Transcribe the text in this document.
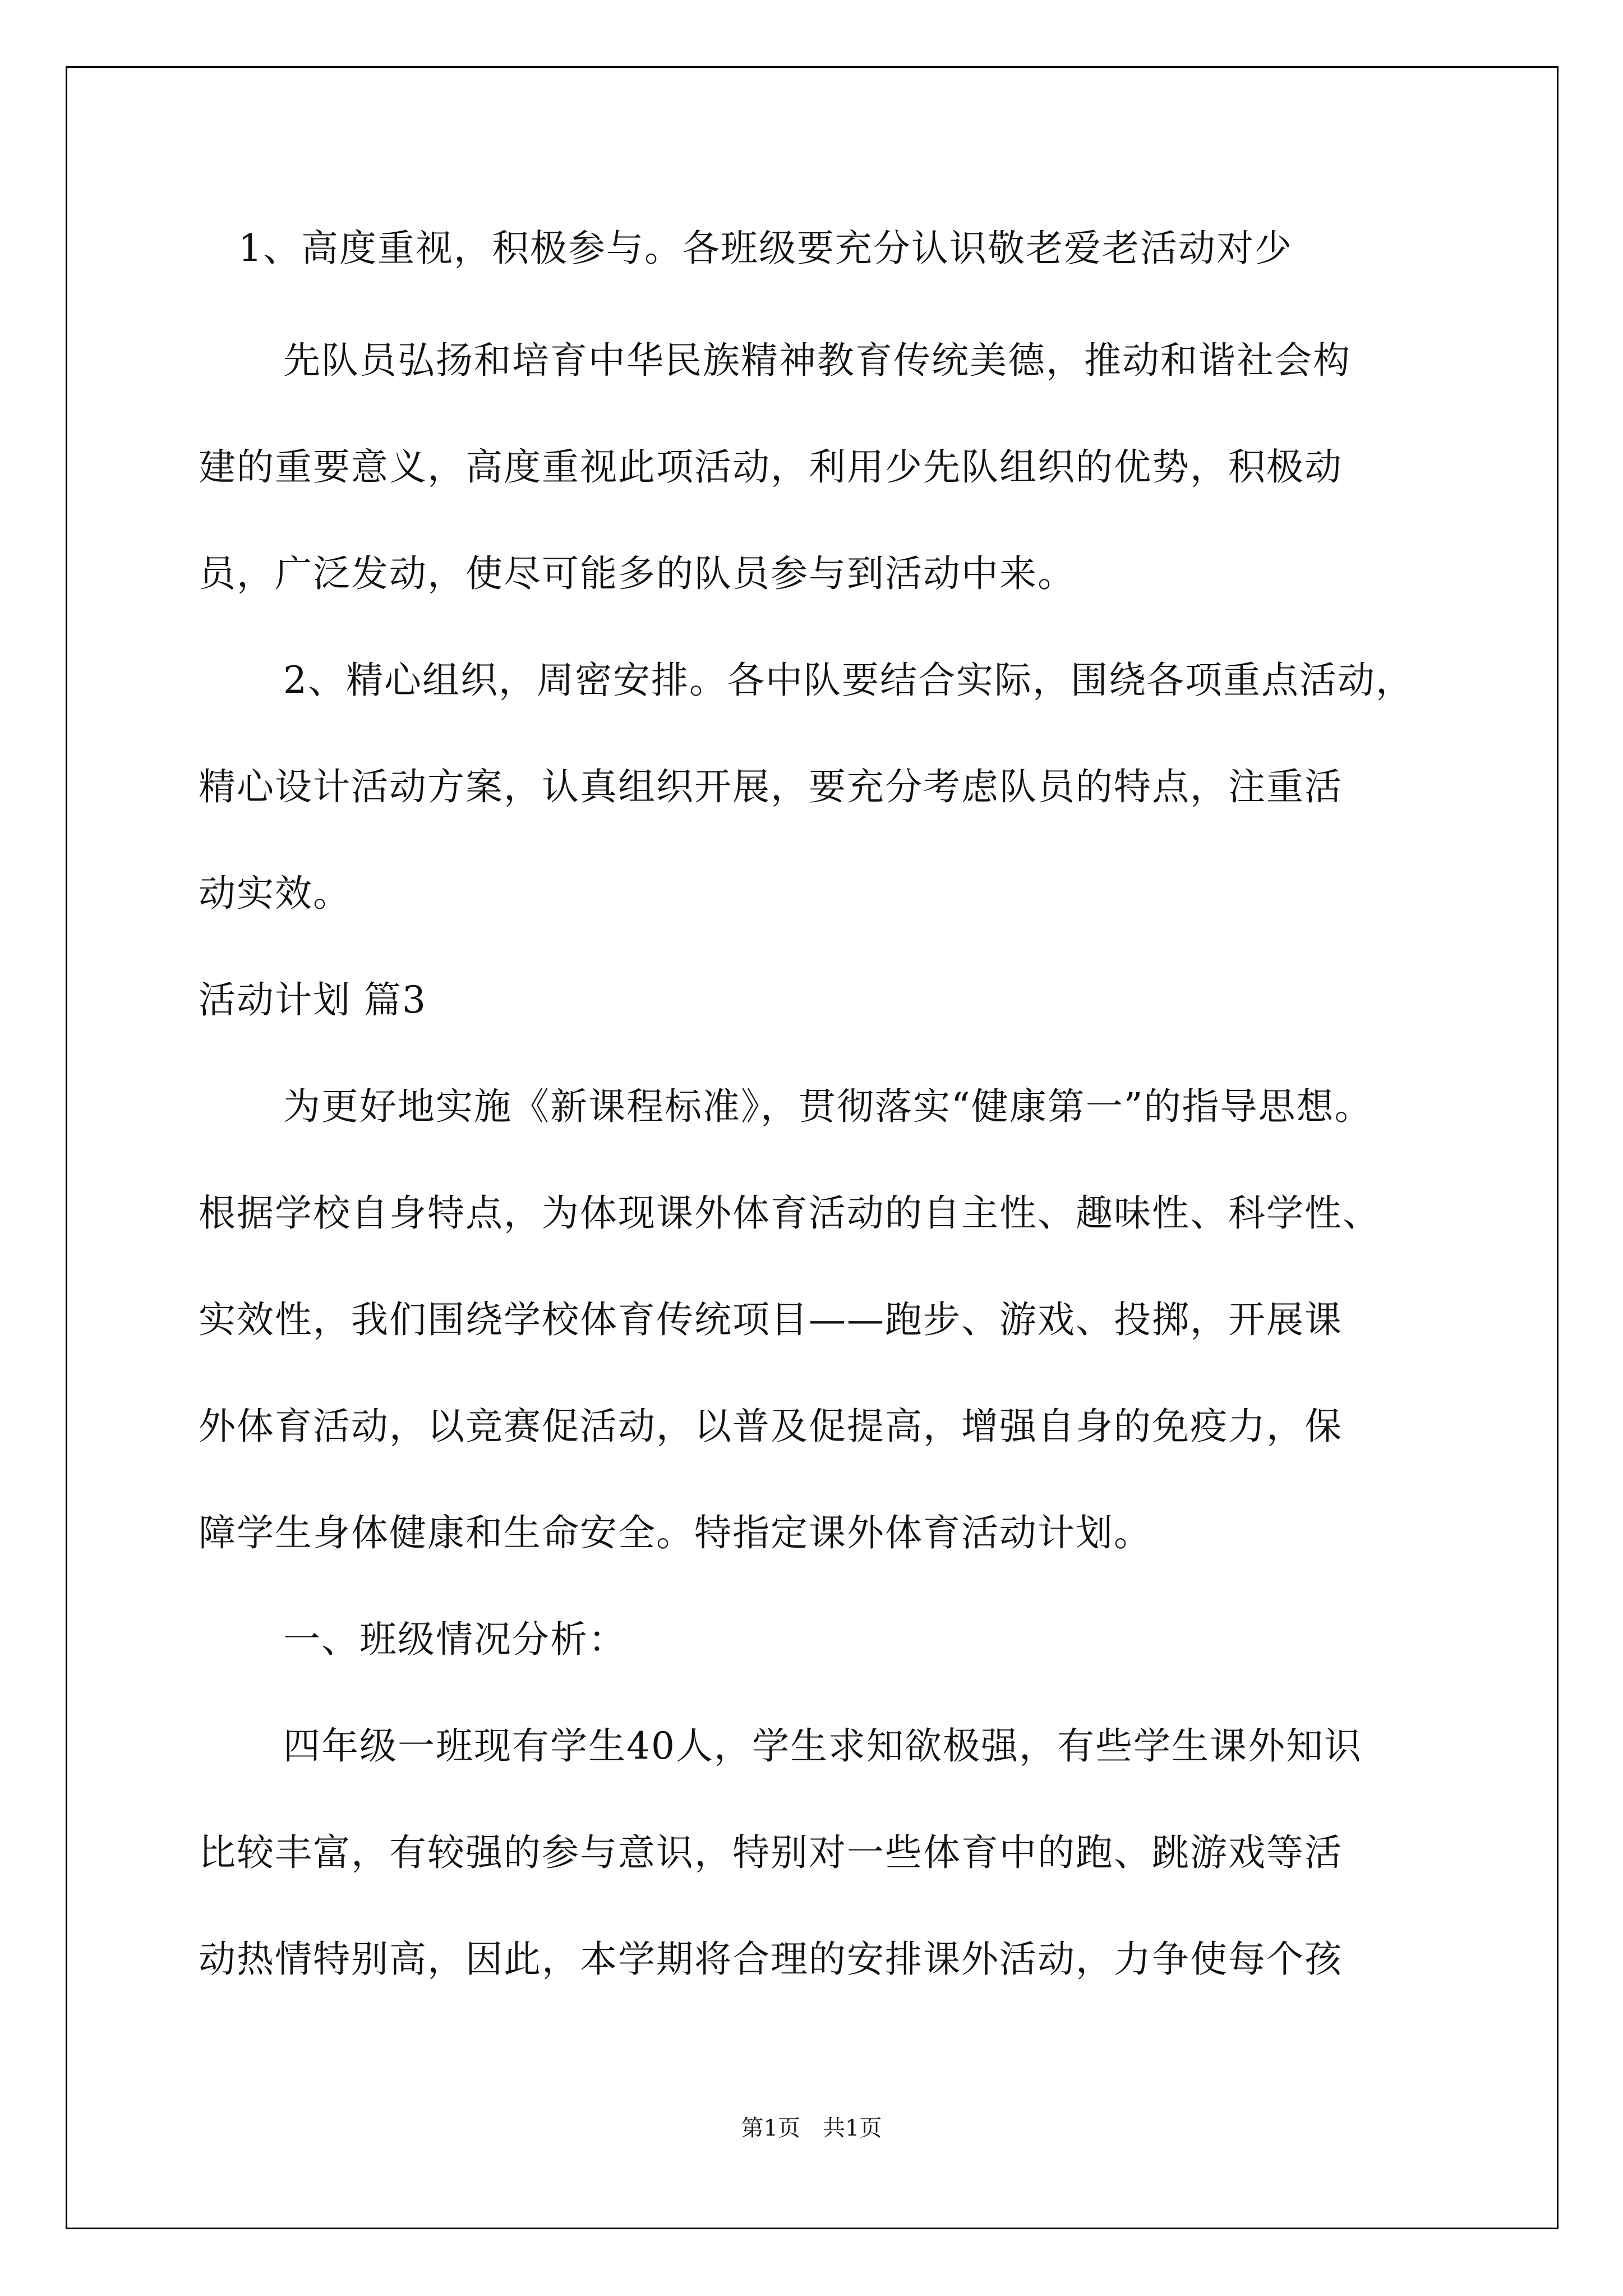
1、高度重视，积极参与。各班级要充分认识敬老爱老活动对少
先队员弘扬和培育中华民族精神教育传统美德，推动和谐社会构
建的重要意义，高度重视此项活动，利用少先队组织的优势，积极动
员，广泛发动，使尽可能多的队员参与到活动中来。
2、精心组织，周密安排。各中队要结合实际，围绕各项重点活动，
精心设计活动方案，认真组织开展，要充分考虑队员的特点，注重活
动实效。
活动计划 篇3
为更好地实施《新课程标准》，贯彻落实“健康第一”的指导思想。
根据学校自身特点，为体现课外体育活动的自主性、趣味性、科学性、
实效性，我们围绕学校体育传统项目——跑步、游戏、投掷，开展课
外体育活动，以竞赛促活动，以普及促提高，增强自身的免疫力，保
障学生身体健康和生命安全。特指定课外体育活动计划。
一、班级情况分析：
四年级一班现有学生40人，学生求知欲极强，有些学生课外知识
比较丰富，有较强的参与意识，特别对一些体育中的跑、跳游戏等活
动热情特别高，因此，本学期将合理的安排课外活动，力争使每个孩
第1页　共1页
